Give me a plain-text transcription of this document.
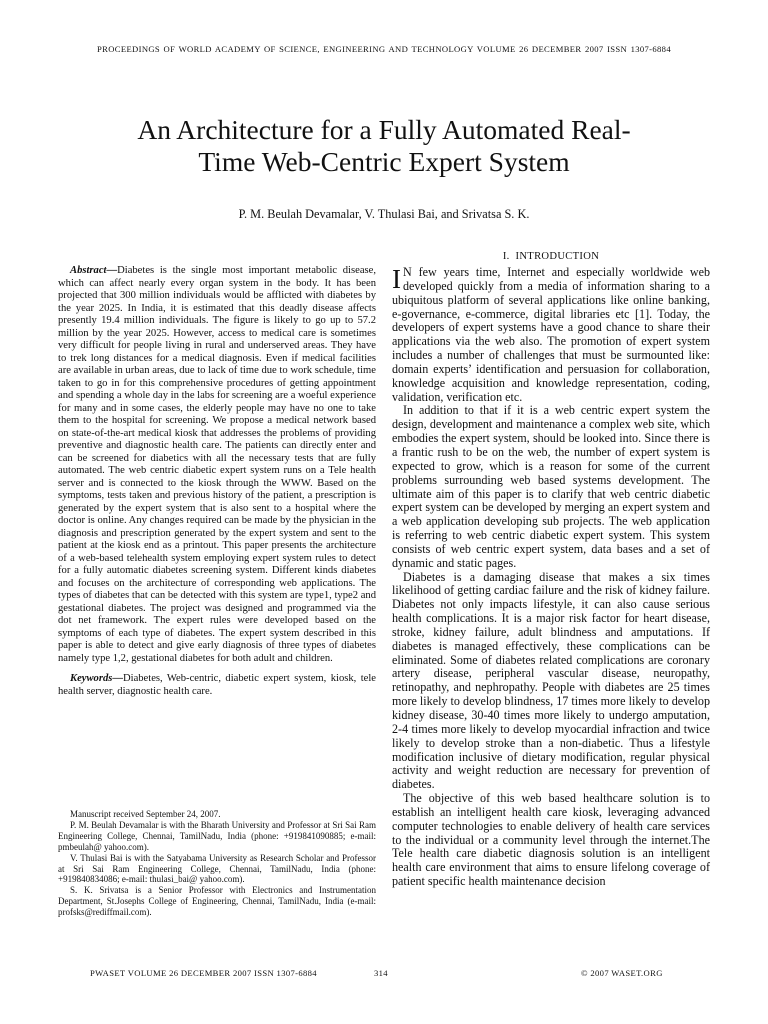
PROCEEDINGS OF WORLD ACADEMY OF SCIENCE, ENGINEERING AND TECHNOLOGY VOLUME 26 DECEMBER 2007 ISSN 1307-6884
An Architecture for a Fully Automated Real-
Time Web-Centric Expert System
P. M. Beulah Devamalar, V. Thulasi Bai, and Srivatsa S. K.

Abstract—Diabetes is the single most important metabolic disease, which can affect nearly every organ system in the body. It has been projected that 300 million individuals would be afflicted with diabetes by the year 2025. In India, it is estimated that this deadly disease affects presently 19.4 million individuals. The figure is likely to go up to 57.2 million by the year 2025. However, access to medical care is sometimes very difficult for people living in rural and underserved areas. They have to trek long distances for a medical diagnosis. Even if medical facilities are available in urban areas, due to lack of time due to work schedule, time taken to go in for this comprehensive procedures of getting appointment and spending a whole day in the labs for screening are a woeful experience for many and in some cases, the elderly people may have no one to take them to the hospital for screening. We propose a medical network based on state-of-the-art medical kiosk that addresses the problems of providing preventive and diagnostic health care. The patients can directly enter and can be screened for diabetics with all the necessary tests that are fully automated. The web centric diabetic expert system runs on a Tele health server and is connected to the kiosk through the WWW. Based on the symptoms, tests taken and previous history of the patient, a prescription is generated by the expert system that is also sent to a hospital where the doctor is online. Any changes required can be made by the physician in the diagnosis and prescription generated by the expert system and sent to the patient at the kiosk end as a printout. This paper presents the architecture of a web-based telehealth system employing expert system rules to detect for a fully automatic diabetes screening system. Different kinds diabetes and focuses on the architecture of corresponding web applications. The types of diabetes that can be detected with this system are type1, type2 and gestational diabetes. The project was designed and programmed via the dot net framework. The expert rules were developed based on the symptoms of each type of diabetes. The expert system described in this paper is able to detect and give early diagnosis of three types of diabetes namely type 1,2, gestational diabetes for both adult and children.

Keywords—Diabetes, Web-centric, diabetic expert system, kiosk, tele health server, diagnostic health care.

Manuscript received September 24, 2007.

P. M. Beulah Devamalar is with the Bharath University and Professor at Sri Sai Ram Engineering College, Chennai, TamilNadu, India (phone: +919841090885; e-mail: pmbeulah@ yahoo.com).

V. Thulasi Bai is with the Satyabama University as Research Scholar and Professor at Sri Sai Ram Engineering College, Chennai, TamilNadu, India (phone: +919840834086; e-mail: thulasi_bai@ yahoo.com).

S. K. Srivatsa is a Senior Professor with Electronics and Instrumentation Department, St.Josephs College of Engineering, Chennai, TamilNadu, India (e-mail: profsks@rediffmail.com).

I. INTRODUCTION

I N few years time, Internet and especially worldwide web developed quickly from a media of information sharing to a ubiquitous platform of several applications like online banking, e-governance, e-commerce, digital libraries etc [1]. Today, the developers of expert systems have a good chance to share their applications via the web also. The promotion of expert system includes a number of challenges that must be surmounted like: domain experts’ identification and persuasion for collaboration, knowledge acquisition and knowledge representation, coding, validation, verification etc.

In addition to that if it is a web centric expert system the design, development and maintenance a complex web site, which embodies the expert system, should be looked into. Since there is a frantic rush to be on the web, the number of expert system is expected to grow, which is a reason for some of the current problems surrounding web based systems development. The ultimate aim of this paper is to clarify that web centric diabetic expert system can be developed by merging an expert system and a web application developing sub projects. The web application is referring to web centric diabetic expert system. This system consists of web centric expert system, data bases and a set of dynamic and static pages.

Diabetes is a damaging disease that makes a six times likelihood of getting cardiac failure and the risk of kidney failure. Diabetes not only impacts lifestyle, it can also cause serious health complications. It is a major risk factor for heart disease, stroke, kidney failure, adult blindness and amputations. If diabetes is managed effectively, these complications can be eliminated. Some of diabetes related complications are coronary artery disease, peripheral vascular disease, neuropathy, retinopathy, and nephropathy. People with diabetes are 25 times more likely to develop blindness, 17 times more likely to develop kidney disease, 30-40 times more likely to undergo amputation, 2-4 times more likely to develop myocardial infraction and twice likely to develop stroke than a non-diabetic. Thus a lifestyle modification inclusive of dietary modification, regular physical activity and weight reduction are necessary for prevention of diabetes.

The objective of this web based healthcare solution is to establish an intelligent health care kiosk, leveraging advanced computer technologies to enable delivery of health care services to the individual or a community level through the internet.The Tele health care diabetic diagnosis solution is an intelligent health care environment that aims to ensure lifelong coverage of patient specific health maintenance decision

PWASET VOLUME 26 DECEMBER 2007 ISSN 1307-6884	314	© 2007 WASET.ORG
